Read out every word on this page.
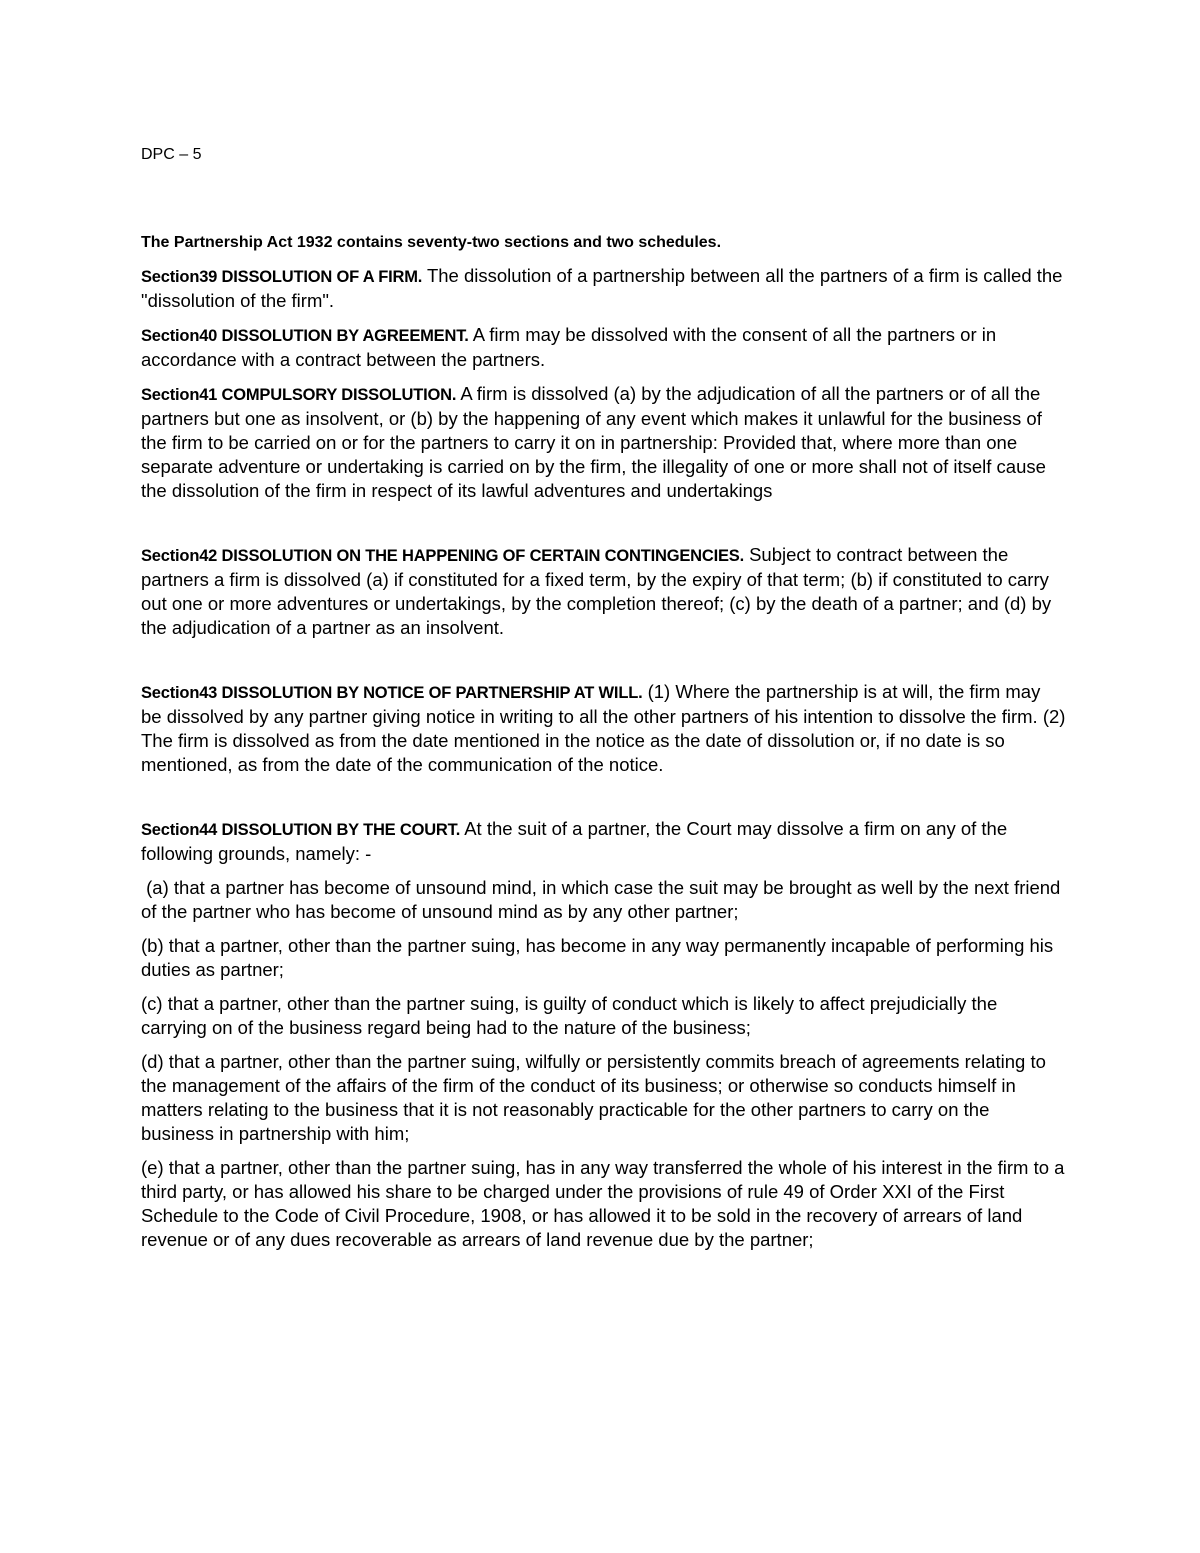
DPC – 5

The Partnership Act 1932 contains seventy-two sections and two schedules.

Section39 DISSOLUTION OF A FIRM. The dissolution of a partnership between all the partners of a firm is called the "dissolution of the firm".

Section40 DISSOLUTION BY AGREEMENT. A firm may be dissolved with the consent of all the partners or in accordance with a contract between the partners.

Section41 COMPULSORY DISSOLUTION. A firm is dissolved (a) by the adjudication of all the partners or of all the partners but one as insolvent, or (b) by the happening of any event which makes it unlawful for the business of the firm to be carried on or for the partners to carry it on in partnership: Provided that, where more than one separate adventure or undertaking is carried on by the firm, the illegality of one or more shall not of itself cause the dissolution of the firm in respect of its lawful adventures and undertakings

Section42 DISSOLUTION ON THE HAPPENING OF CERTAIN CONTINGENCIES. Subject to contract between the partners a firm is dissolved (a) if constituted for a fixed term, by the expiry of that term; (b) if constituted to carry out one or more adventures or undertakings, by the completion thereof; (c) by the death of a partner; and (d) by the adjudication of a partner as an insolvent.

Section43 DISSOLUTION BY NOTICE OF PARTNERSHIP AT WILL. (1) Where the partnership is at will, the firm may be dissolved by any partner giving notice in writing to all the other partners of his intention to dissolve the firm. (2) The firm is dissolved as from the date mentioned in the notice as the date of dissolution or, if no date is so mentioned, as from the date of the communication of the notice.

Section44 DISSOLUTION BY THE COURT. At the suit of a partner, the Court may dissolve a firm on any of the following grounds, namely: -

(a) that a partner has become of unsound mind, in which case the suit may be brought as well by the next friend of the partner who has become of unsound mind as by any other partner;

(b) that a partner, other than the partner suing, has become in any way permanently incapable of performing his duties as partner;

(c) that a partner, other than the partner suing, is guilty of conduct which is likely to affect prejudicially the carrying on of the business regard being had to the nature of the business;

(d) that a partner, other than the partner suing, wilfully or persistently commits breach of agreements relating to the management of the affairs of the firm of the conduct of its business; or otherwise so conducts himself in matters relating to the business that it is not reasonably practicable for the other partners to carry on the business in partnership with him;

(e) that a partner, other than the partner suing, has in any way transferred the whole of his interest in the firm to a third party, or has allowed his share to be charged under the provisions of rule 49 of Order XXI of the First Schedule to the Code of Civil Procedure, 1908, or has allowed it to be sold in the recovery of arrears of land revenue or of any dues recoverable as arrears of land revenue due by the partner;
